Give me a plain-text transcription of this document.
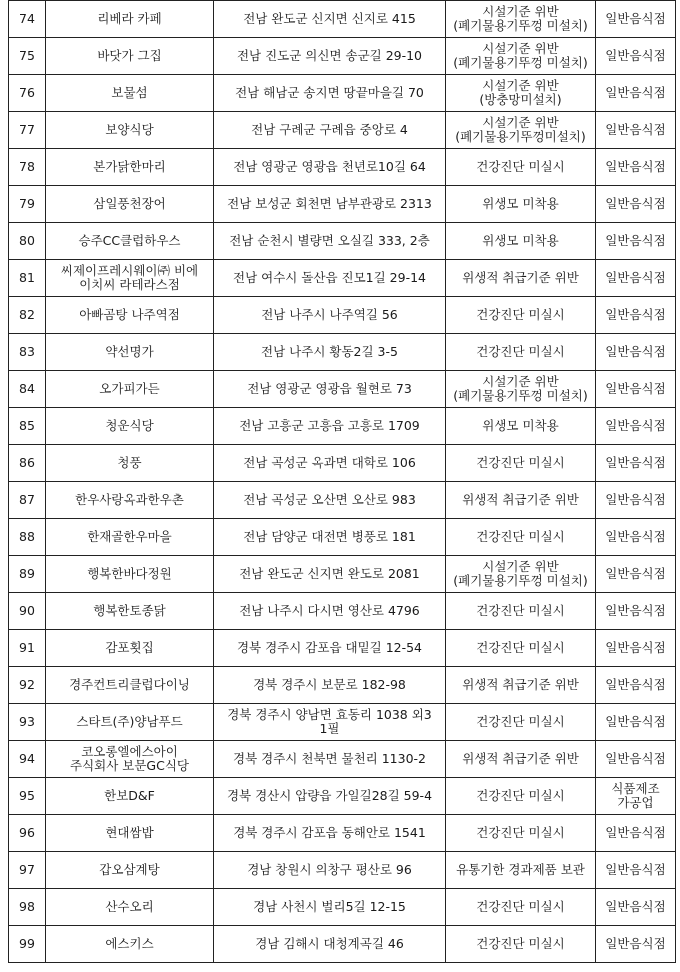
74	리베라 카페	전남 완도군 신지면 신지로 415	시설기준 위반
(폐기물용기뚜껑 미설치)	일반음식점

75	바닷가 그집	전남 진도군 의신면 송군길 29-10	시설기준 위반
(폐기물용기뚜껑 미설치)	일반음식점

76	보물섬	전남 해남군 송지면 땅끝마을길 70	시설기준 위반
(방충망미설치)	일반음식점

77	보양식당	전남 구례군 구례읍 중앙로 4	시설기준 위반
(폐기물용기뚜껑미설치)	일반음식점

78	본가닭한마리	전남 영광군 영광읍 천년로10길 64	건강진단 미실시	일반음식점

79	삼일풍천장어	전남 보성군 회천면 남부관광로 2313	위생모 미착용	일반음식점

80	승주CC클럽하우스	전남 순천시 별량면 오실길 333, 2층	위생모 미착용	일반음식점

81	씨제이프레시웨이㈜ 비에
이치씨 라테라스점	전남 여수시 돌산읍 진모1길 29-14	위생적 취급기준 위반	일반음식점

82	아빠곰탕 나주역점	전남 나주시 나주역길 56	건강진단 미실시	일반음식점

83	약선명가	전남 나주시 황동2길 3-5	건강진단 미실시	일반음식점

84	오가피가든	전남 영광군 영광읍 월현로 73	시설기준 위반
(폐기물용기뚜껑 미설치)	일반음식점

85	청운식당	전남 고흥군 고흥읍 고흥로 1709	위생모 미착용	일반음식점

86	청풍	전남 곡성군 옥과면 대학로 106	건강진단 미실시	일반음식점

87	한우사랑옥과한우촌	전남 곡성군 오산면 오산로 983	위생적 취급기준 위반	일반음식점

88	한재골한우마을	전남 담양군 대전면 병풍로 181	건강진단 미실시	일반음식점

89	행복한바다정원	전남 완도군 신지면 완도로 2081	시설기준 위반
(폐기물용기뚜껑 미설치)	일반음식점

90	행복한토종닭	전남 나주시 다시면 영산로 4796	건강진단 미실시	일반음식점

91	감포횟집	경북 경주시 감포읍 대밑길 12-54	건강진단 미실시	일반음식점

92	경주컨트리클럽다이닝	경북 경주시 보문로 182-98	위생적 취급기준 위반	일반음식점

93	스타트(주)양남푸드	경북 경주시 양남면 효동리 1038 외3
1필	건강진단 미실시	일반음식점

94	코오롱엘에스아이
주식회사 보문GC식당	경북 경주시 천북면 물천리 1130-2	위생적 취급기준 위반	일반음식점

95	한보D&F	경북 경산시 압량읍 가일길28길 59-4	건강진단 미실시	식품제조
가공업

96	현대쌈밥	경북 경주시 감포읍 동해안로 1541	건강진단 미실시	일반음식점

97	갑오삼계탕	경남 창원시 의창구 평산로 96	유통기한 경과제품 보관	일반음식점

98	산수오리	경남 사천시 벌리5길 12-15	건강진단 미실시	일반음식점

99	에스키스	경남 김해시 대청계곡길 46	건강진단 미실시	일반음식점
